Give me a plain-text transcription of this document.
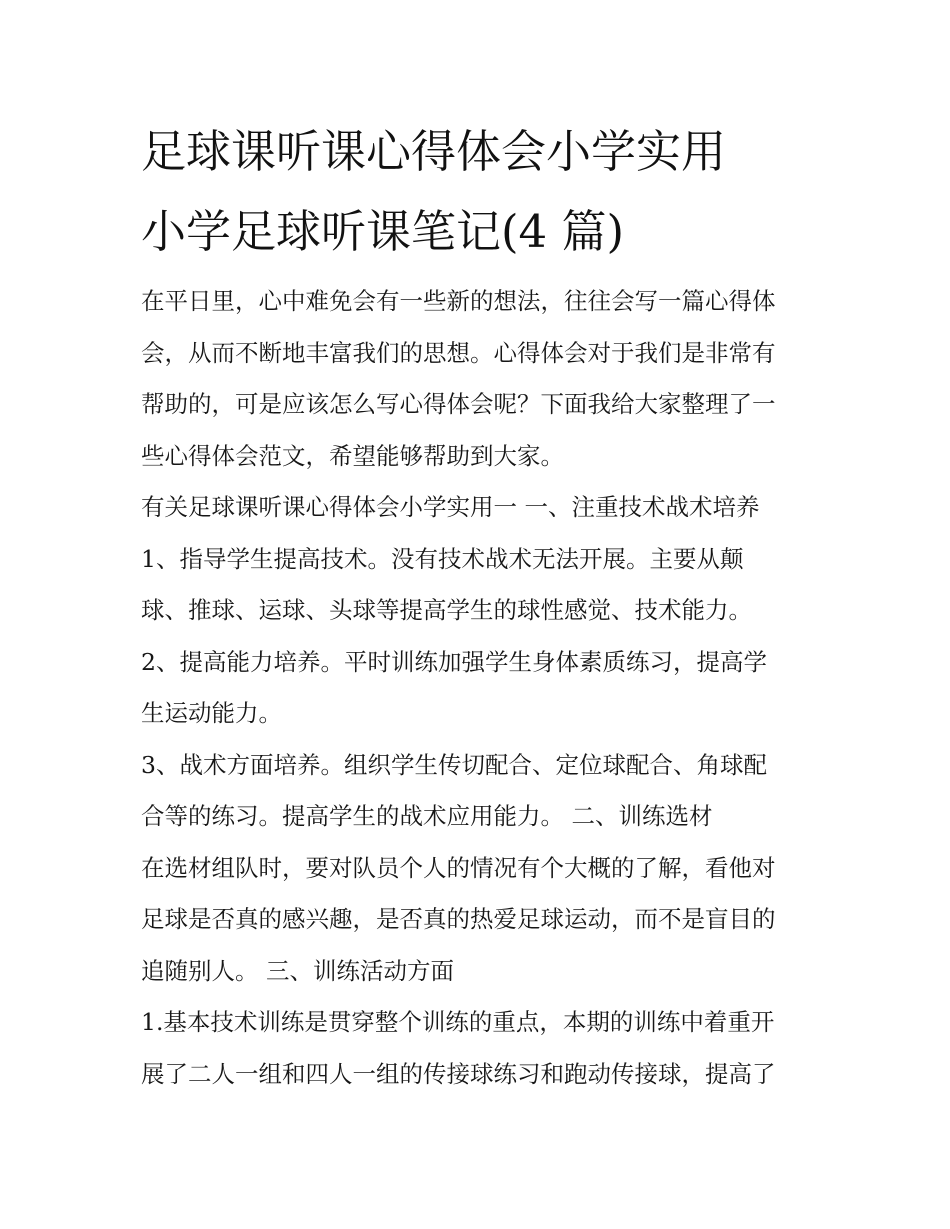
足球课听课心得体会小学实用
小学足球听课笔记(4 篇)
在平日里，心中难免会有一些新的想法，往往会写一篇心得体
会，从而不断地丰富我们的思想。心得体会对于我们是非常有
帮助的，可是应该怎么写心得体会呢？下面我给大家整理了一
些心得体会范文，希望能够帮助到大家。
有关足球课听课心得体会小学实用一 一、注重技术战术培养
1、指导学生提高技术。没有技术战术无法开展。主要从颠
球、推球、运球、头球等提高学生的球性感觉、技术能力。
2、提高能力培养。平时训练加强学生身体素质练习，提高学
生运动能力。
3、战术方面培养。组织学生传切配合、定位球配合、角球配
合等的练习。提高学生的战术应用能力。 二、训练选材
在选材组队时，要对队员个人的情况有个大概的了解，看他对
足球是否真的感兴趣，是否真的热爱足球运动，而不是盲目的
追随别人。 三、训练活动方面
1.基本技术训练是贯穿整个训练的重点，本期的训练中着重开
展了二人一组和四人一组的传接球练习和跑动传接球，提高了
